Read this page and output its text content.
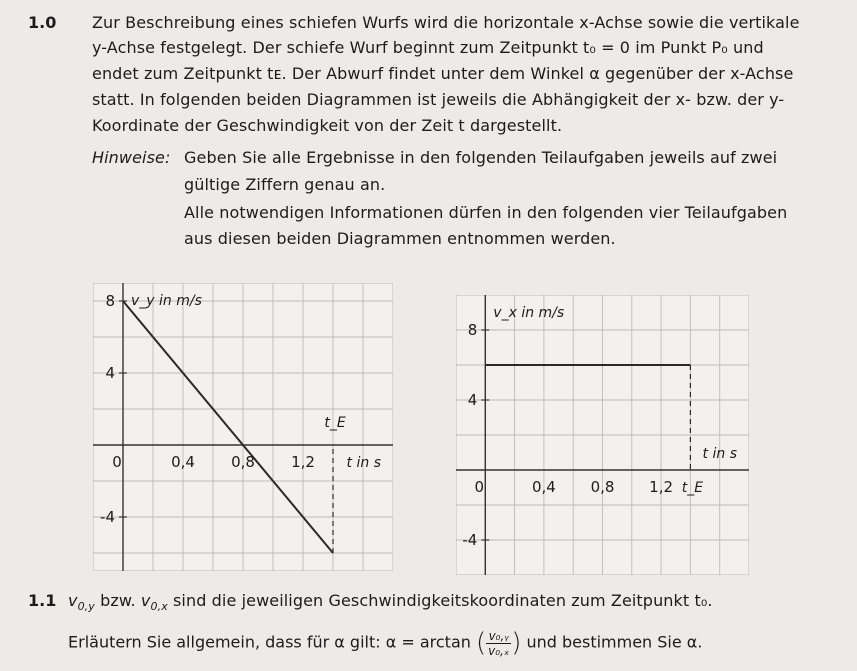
1.0 Zur Beschreibung eines schiefen Wurfs wird die horizontale x-Achse sowie die vertikale
y-Achse festgelegt. Der schiefe Wurf beginnt zum Zeitpunkt t₀ = 0 im Punkt P₀ und
endet zum Zeitpunkt tᴇ. Der Abwurf findet unter dem Winkel α gegenüber der x-Achse
statt. In folgenden beiden Diagrammen ist jeweils die Abhängigkeit der x- bzw. der y-
Koordinate der Geschwindigkeit von der Zeit t dargestellt.
Hinweise: Geben Sie alle Ergebnisse in den folgenden Teilaufgaben jeweils auf zwei
gültige Ziffern genau an.
Alle notwendigen Informationen dürfen in den folgenden vier Teilaufgaben
aus diesen beiden Diagrammen entnommen werden.
0	0,4 0,8 1,2
8
4
-4
t in s
v_y in m/s
t_E
0	0,4 0,8 1,2
8
4
-4
t in s
v_x in m/s
t_E
1.1 $v_{0,y}$ bzw. $v_{0,x}$ sind die jeweiligen Geschwindigkeitskoordinaten zum Zeitpunkt t₀.
Erläutern Sie allgemein, dass für α gilt: α = arctan ( $\frac{\text{v₀,ᵧ}}{\text{v₀,ₓ}}$ ) und bestimmen Sie α.
